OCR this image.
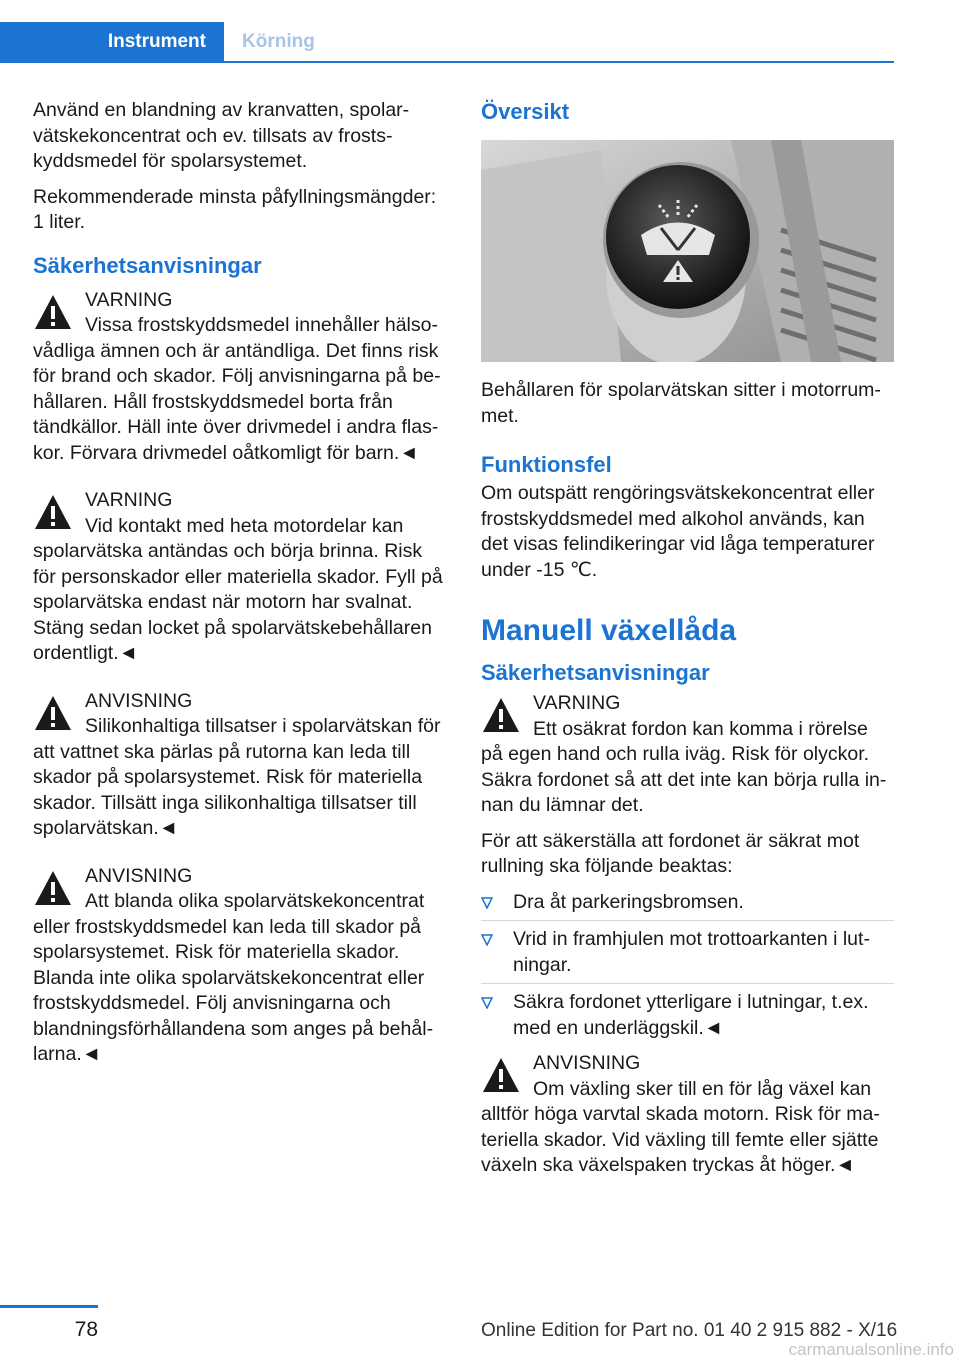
Instrument Körning

Använd en blandning av kranvatten, spolarvätskekoncentrat och ev. tillsats av frostskyddsmedel för spolarsystemet.

Rekommenderade minsta påfyllningsmängder: 1 liter.

Säkerhetsanvisningar
VARNING
Vissa frostskyddsmedel innehåller hälsovådliga ämnen och är antändliga. Det finns risk för brand och skador. Följ anvisningarna på behållaren. Håll frostskyddsmedel borta från tändkällor. Häll inte över drivmedel i andra flaskor. Förvara drivmedel oåtkomligt för barn.◄
VARNING
Vid kontakt med heta motordelar kan spolarvätska antändas och börja brinna. Risk för personskador eller materiella skador. Fyll på spolarvätska endast när motorn har svalnat. Stäng sedan locket på spolarvätskebehållaren ordentligt.◄
ANVISNING
Silikonhaltiga tillsatser i spolarvätskan för att vattnet ska pärlas på rutorna kan leda till skador på spolarsystemet. Risk för materiella skador. Tillsätt inga silikonhaltiga tillsatser till spolarvätskan.◄
ANVISNING
Att blanda olika spolarvätskekoncentrat eller frostskyddsmedel kan leda till skador på spolarsystemet. Risk för materiella skador. Blanda inte olika spolarvätskekoncentrat eller frostskyddsmedel. Följ anvisningarna och blandningsförhållandena som anges på behållarna.◄
Översikt

Behållaren för spolarvätskan sitter i motorrummet.

Funktionsfel

Om outspätt rengöringsvätskekoncentrat eller frostskyddsmedel med alkohol används, kan det visas felindikeringar vid låga temperaturer under -15 ℃.

Manuell växellåda
Säkerhetsanvisningar
VARNING
Ett osäkrat fordon kan komma i rörelse på egen hand och rulla iväg. Risk för olyckor. Säkra fordonet så att det inte kan börja rulla innan du lämnar det.

För att säkerställa att fordonet är säkrat mot rullning ska följande beaktas:

Dra åt parkeringsbromsen.
Vrid in framhjulen mot trottoarkanten i lutningar.
Säkra fordonet ytterligare i lutningar, t.ex. med en underläggskil.◄
ANVISNING
Om växling sker till en för låg växel kan alltför höga varvtal skada motorn. Risk för materiella skador. Vid växling till femte eller sjätte växeln ska växelspaken tryckas åt höger.◄
78	Online Edition for Part no. 01 40 2 915 882 - X/16
carmanualsonline.info
